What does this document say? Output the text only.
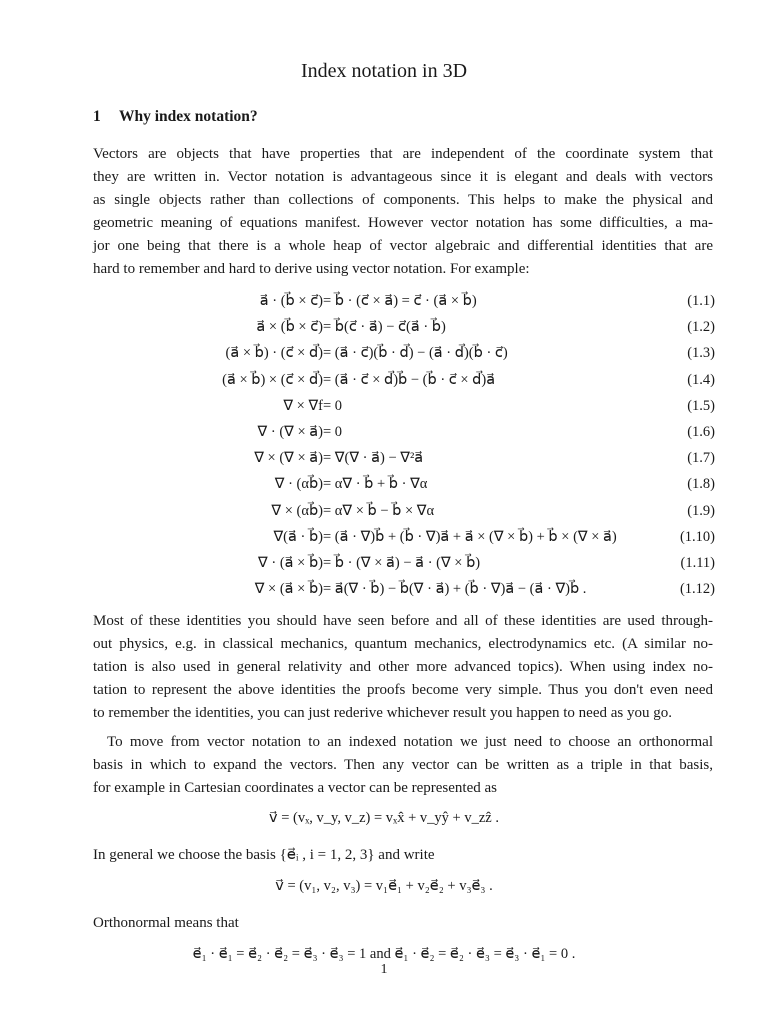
Index notation in 3D
1 Why index notation?
Vectors are objects that have properties that are independent of the coordinate system that
they are written in. Vector notation is advantageous since it is elegant and deals with vectors
as single objects rather than collections of components. This helps to make the physical and
geometric meaning of equations manifest. However vector notation has some difficulties, a ma-
jor one being that there is a whole heap of vector algebraic and differential identities that are
hard to remember and hard to derive using vector notation. For example:
a⃗ · (b⃗ × c⃗) = b⃗ · (c⃗ × a⃗) = c⃗ · (a⃗ × b⃗)	(1.1)
a⃗ × (b⃗ × c⃗) = b⃗(c⃗ · a⃗) − c⃗(a⃗ · b⃗)	(1.2)
(a⃗ × b⃗) · (c⃗ × d⃗) = (a⃗ · c⃗)(b⃗ · d⃗) − (a⃗ · d⃗)(b⃗ · c⃗)	(1.3)
(a⃗ × b⃗) × (c⃗ × d⃗) = (a⃗ · c⃗ × d⃗)b⃗ − (b⃗ · c⃗ × d⃗)a⃗	(1.4)
∇ × ∇f = 0	(1.5)
∇ · (∇ × a⃗) = 0	(1.6)
∇ × (∇ × a⃗) = ∇(∇ · a⃗) − ∇²a⃗	(1.7)
∇ · (αb⃗) = α∇ · b⃗ + b⃗ · ∇α	(1.8)
∇ × (αb⃗) = α∇ × b⃗ − b⃗ × ∇α	(1.9)
∇(a⃗ · b⃗) = (a⃗ · ∇)b⃗ + (b⃗ · ∇)a⃗ + a⃗ × (∇ × b⃗) + b⃗ × (∇ × a⃗)	(1.10)
∇ · (a⃗ × b⃗) = b⃗ · (∇ × a⃗) − a⃗ · (∇ × b⃗)	(1.11)
∇ × (a⃗ × b⃗) = a⃗(∇ · b⃗) − b⃗(∇ · a⃗) + (b⃗ · ∇)a⃗ − (a⃗ · ∇)b⃗ .	(1.12)
Most of these identities you should have seen before and all of these identities are used through-
out physics, e.g. in classical mechanics, quantum mechanics, electrodynamics etc. (A similar no-
tation is also used in general relativity and other more advanced topics). When using index no-
tation to represent the above identities the proofs become very simple. Thus you don't even need
to remember the identities, you can just rederive whichever result you happen to need as you go.
To move from vector notation to an indexed notation we just need to choose an orthonormal
basis in which to expand the vectors. Then any vector can be written as a triple in that basis,
for example in Cartesian coordinates a vector can be represented as
v⃗ = (vₓ, v_y, v_z) = vₓx̂ + v_yŷ + v_zẑ .
In general we choose the basis {e⃗ᵢ , i = 1, 2, 3} and write
v⃗ = (v₁, v₂, v₃) = v₁e⃗₁ + v₂e⃗₂ + v₃e⃗₃ .
Orthonormal means that
e⃗₁ · e⃗₁ = e⃗₂ · e⃗₂ = e⃗₃ · e⃗₃ = 1 and e⃗₁ · e⃗₂ = e⃗₂ · e⃗₃ = e⃗₃ · e⃗₁ = 0 .
1
